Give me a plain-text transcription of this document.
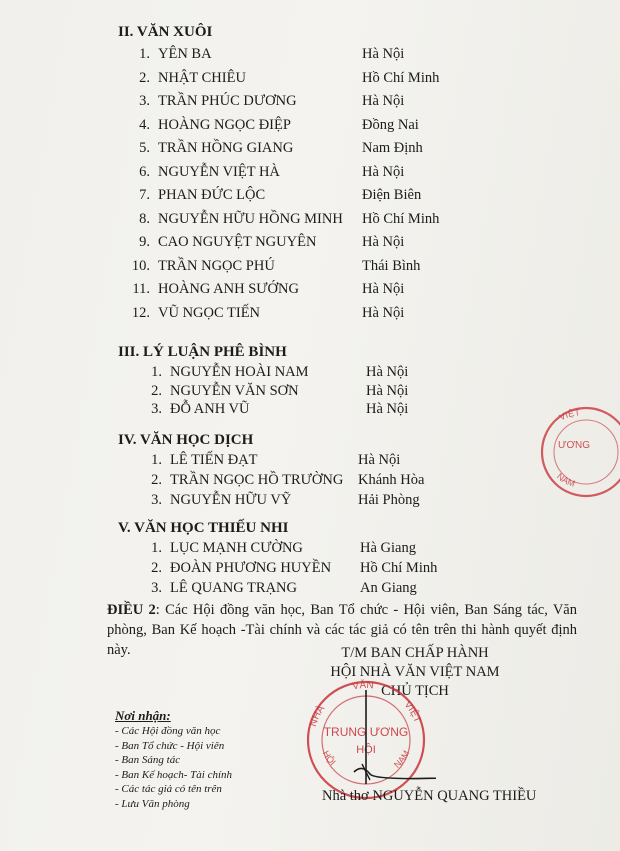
II. VĂN XUÔI
1. YÊN BA	Hà Nội
2. NHẬT CHIÊU	Hồ Chí Minh
3. TRẦN PHÚC DƯƠNG	Hà Nội
4. HOÀNG NGỌC ĐIỆP	Đồng Nai
5. TRẦN HỒNG GIANG	Nam Định
6. NGUYỄN VIỆT HÀ	Hà Nội
7. PHAN ĐỨC LỘC	Điện Biên
8. NGUYỄN HỮU HỒNG MINH Hồ Chí Minh
9. CAO NGUYỆT NGUYÊN	Hà Nội
10. TRẦN NGỌC PHÚ	Thái Bình
11. HOÀNG ANH SƯỚNG	Hà Nội
12. VŨ NGỌC TIẾN	Hà Nội
III. LÝ LUẬN PHÊ BÌNH
1. NGUYỄN HOÀI NAM	Hà Nội
2. NGUYỄN VĂN SƠN	Hà Nội
3. ĐỖ ANH VŨ	Hà Nội
IV. VĂN HỌC DỊCH
1. LÊ TIẾN ĐẠT	Hà Nội
2. TRẦN NGỌC HỒ TRƯỜNG Khánh Hòa
3. NGUYỄN HỮU VỸ	Hải Phòng
V. VĂN HỌC THIẾU NHI
1. LỤC MẠNH CƯỜNG	Hà Giang
2. ĐOÀN PHƯƠNG HUYỀN Hồ Chí Minh
3. LÊ QUANG TRẠNG	An Giang
ĐIỀU 2: Các Hội đồng văn học, Ban Tổ chức - Hội viên, Ban Sáng tác, Văn phòng, Ban Kế hoạch -Tài chính và các tác giả có tên trên thi hành quyết định này.	T/M BAN CHẤP HÀNH
HỘI NHÀ VĂN VIỆT NAM
CHỦ TỊCH
Nơi nhận:
- Các Hội đồng văn học
- Ban Tổ chức - Hội viên
- Ban Sáng tác
- Ban Kế hoạch- Tài chính
- Các tác giả có tên trên
- Lưu Văn phòng
NHÀ
VĂN
VIỆT
HỘI	NAM
TRUNG ƯƠNG
HỘI
VIỆT
NAM
ƯƠNG
Nhà thơ NGUYỄN QUANG THIỀU
